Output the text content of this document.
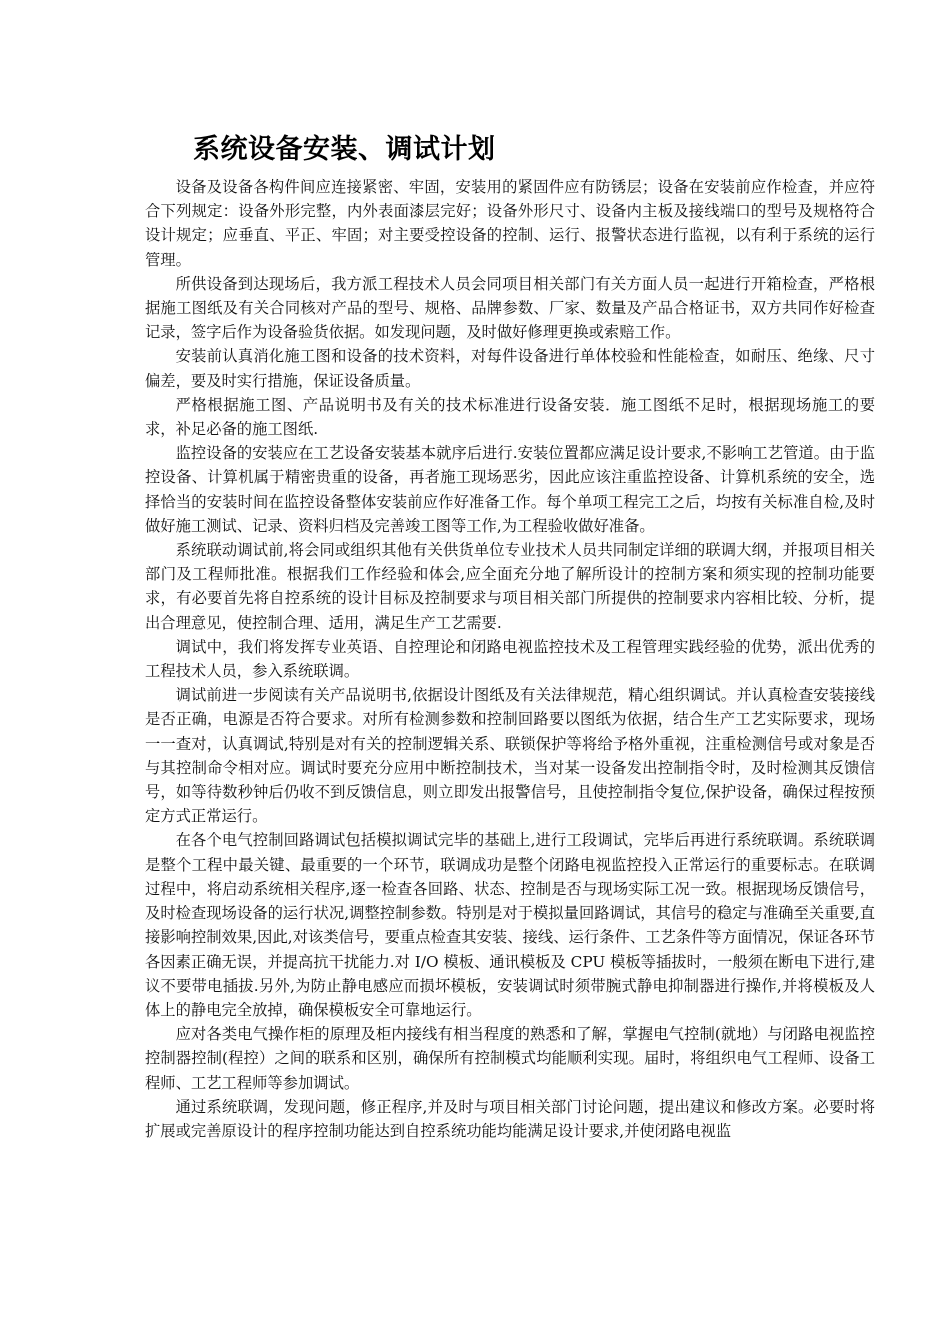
系统设备安装、调试计划

设备及设备各构件间应连接紧密、牢固，安装用的紧固件应有防锈层；设备在安装前应作检查，并应符合下列规定：设备外形完整，内外表面漆层完好；设备外形尺寸、设备内主板及接线端口的型号及规格符合设计规定；应垂直、平正、牢固；对主要受控设备的控制、运行、报警状态进行监视，以有利于系统的运行管理。

所供设备到达现场后，我方派工程技术人员会同项目相关部门有关方面人员一起进行开箱检查，严格根据施工图纸及有关合同核对产品的型号、规格、品牌参数、厂家、数量及产品合格证书，双方共同作好检查记录，签字后作为设备验货依据。如发现问题，及时做好修理更换或索赔工作。

安装前认真消化施工图和设备的技术资料，对每件设备进行单体校验和性能检查，如耐压、绝缘、尺寸偏差，要及时实行措施，保证设备质量。

严格根据施工图、产品说明书及有关的技术标准进行设备安装．施工图纸不足时，根据现场施工的要求，补足必备的施工图纸.

监控设备的安装应在工艺设备安装基本就序后进行.安装位置都应满足设计要求,不影响工艺管道。由于监控设备、计算机属于精密贵重的设备，再者施工现场恶劣，因此应该注重监控设备、计算机系统的安全，选择恰当的安装时间在监控设备整体安装前应作好准备工作。每个单项工程完工之后，均按有关标准自检,及时做好施工测试、记录、资料归档及完善竣工图等工作,为工程验收做好准备。

系统联动调试前,将会同或组织其他有关供货单位专业技术人员共同制定详细的联调大纲，并报项目相关部门及工程师批准。根据我们工作经验和体会,应全面充分地了解所设计的控制方案和须实现的控制功能要求，有必要首先将自控系统的设计目标及控制要求与项目相关部门所提供的控制要求内容相比较、分析，提出合理意见，使控制合理、适用，满足生产工艺需要.

调试中，我们将发挥专业英语、自控理论和闭路电视监控技术及工程管理实践经验的优势，派出优秀的工程技术人员，参入系统联调。

调试前进一步阅读有关产品说明书,依据设计图纸及有关法律规范，精心组织调试。并认真检查安装接线是否正确，电源是否符合要求。对所有检测参数和控制回路要以图纸为依据，结合生产工艺实际要求，现场一一查对，认真调试,特别是对有关的控制逻辑关系、联锁保护等将给予格外重视，注重检测信号或对象是否与其控制命令相对应。调试时要充分应用中断控制技术，当对某一设备发出控制指令时，及时检测其反馈信号，如等待数秒钟后仍收不到反馈信息，则立即发出报警信号，且使控制指令复位,保护设备，确保过程按预定方式正常运行。

在各个电气控制回路调试包括模拟调试完毕的基础上,进行工段调试，完毕后再进行系统联调。系统联调是整个工程中最关键、最重要的一个环节，联调成功是整个闭路电视监控投入正常运行的重要标志。在联调过程中，将启动系统相关程序,逐一检查各回路、状态、控制是否与现场实际工况一致。根据现场反馈信号，及时检查现场设备的运行状况,调整控制参数。特别是对于模拟量回路调试，其信号的稳定与准确至关重要,直接影响控制效果,因此,对该类信号，要重点检查其安装、接线、运行条件、工艺条件等方面情况，保证各环节各因素正确无误，并提高抗干扰能力.对 I/O 模板、通讯模板及 CPU 模板等插拔时，一般须在断电下进行,建议不要带电插拔.另外,为防止静电感应而损坏模板，安装调试时须带腕式静电抑制器进行操作,并将模板及人体上的静电完全放掉，确保模板安全可靠地运行。

应对各类电气操作柜的原理及柜内接线有相当程度的熟悉和了解，掌握电气控制(就地）与闭路电视监控控制器控制(程控）之间的联系和区别，确保所有控制模式均能顺利实现。届时，将组织电气工程师、设备工程师、工艺工程师等参加调试。

通过系统联调，发现问题，修正程序,并及时与项目相关部门讨论问题，提出建议和修改方案。必要时将扩展或完善原设计的程序控制功能达到自控系统功能均能满足设计要求,并使闭路电视监
